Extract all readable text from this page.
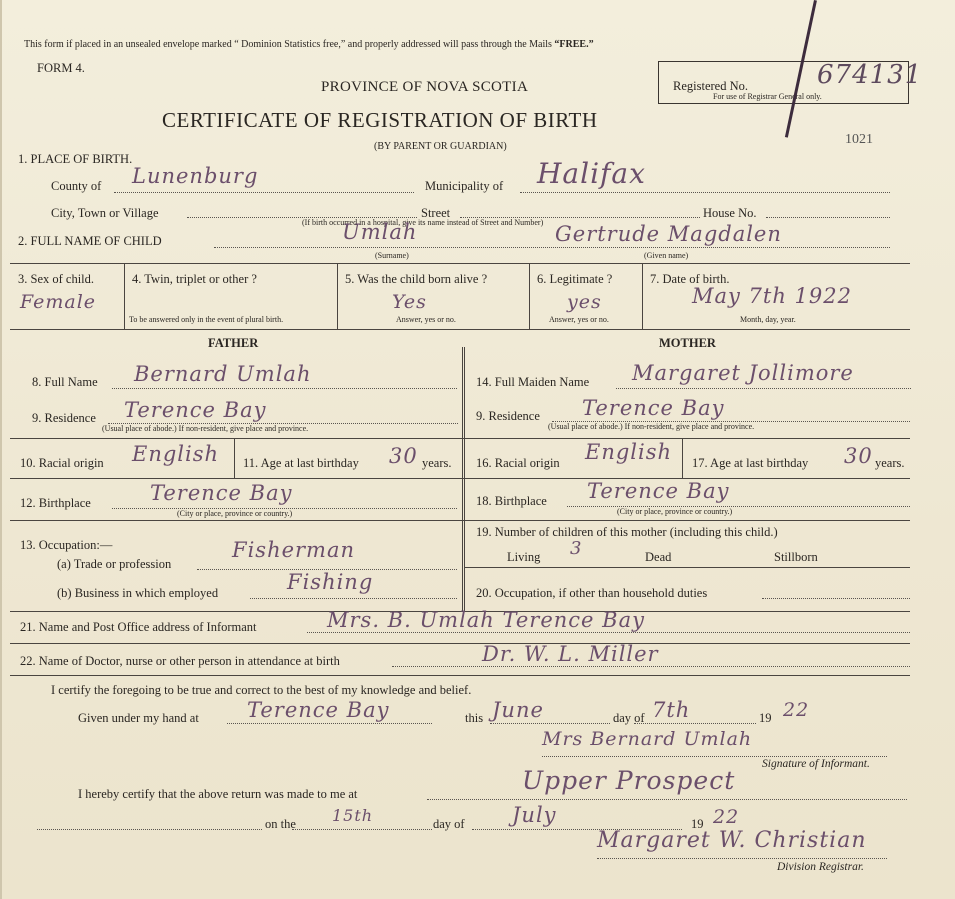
This form if placed in an unsealed envelope marked “ Dominion Statistics free,” and properly addressed will pass through the Mails “FREE.”
FORM 4.
PROVINCE OF NOVA SCOTIA
CERTIFICATE OF REGISTRATION OF BIRTH
(BY PARENT OR GUARDIAN)
Registered No.
For use of Registrar General only.
674131
1021
1. PLACE OF BIRTH.
County of Lunenburg	Municipality of Halifax
City, Town or Village	Street	House No.
(If birth occurred in a hospital, give its name instead of Street and Number)
2. FULL NAME OF CHILD	Umlah	Gertrude Magdalen
(Surname)	(Given name)
3. Sex of child.
Female
4. Twin, triplet or other ?
To be answered only in the event of plural birth.
5. Was the child born alive ?
Yes
Answer, yes or no.
6. Legitimate ?
yes
Answer, yes or no.
7. Date of birth.
May 7th 1922
Month, day, year.
FATHER	MOTHER
8. Full Name Bernard Umlah	14. Full Maiden Name Margaret Jollimore
9. Residence Terence Bay
(Usual place of abode.) If non-resident, give place and province.
9. Residence Terence Bay
(Usual place of abode.) If non-resident, give place and province.
10. Racial origin English 11. Age at last birthday 30 years. 16. Racial origin English 17. Age at last birthday 30 years.
12. Birthplace	Terence Bay
(City or place, province or country.)
18. Birthplace Terence Bay
(City or place, province or country.)
13. Occupation:—
(a) Trade or profession
Fisherman
(b) Business in which employed	Fishing
19. Number of children of this mother (including this child.)
Living 3	Dead	Stillborn
20. Occupation, if other than household duties
21. Name and Post Office address of Informant	Mrs. B. Umlah Terence Bay
22. Name of Doctor, nurse or other person in attendance at birth	Dr. W. L. Miller
I certify the foregoing to be true and correct to the best of my knowledge and belief.
Given under my hand at Terence Bay	this June	day of 7th	19 22
Mrs Bernard Umlah
Signature of Informant.
I hereby certify that the above return was made to me at	Upper Prospect
on the 15th	day of July	19 22
Margaret W. Christian
Division Registrar.
